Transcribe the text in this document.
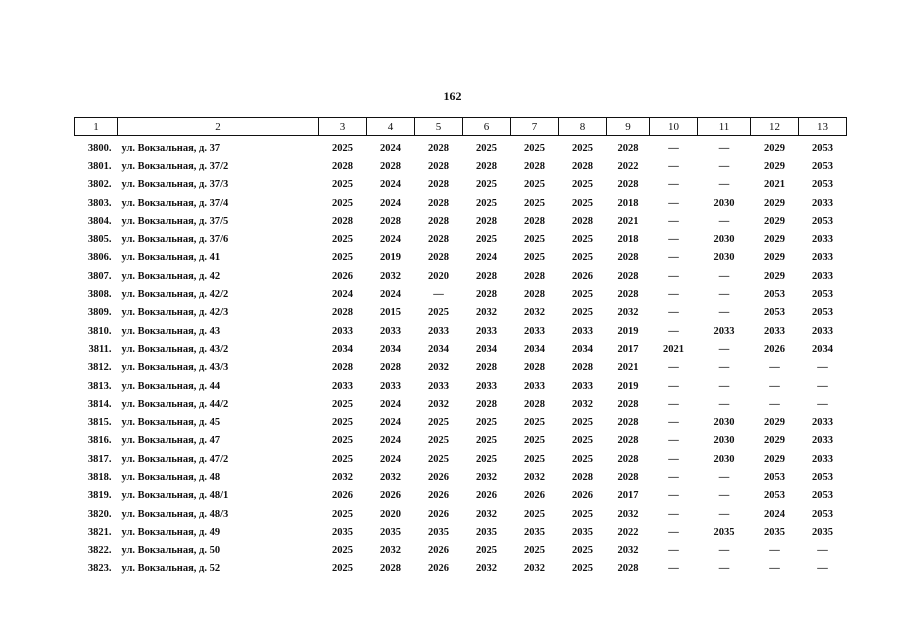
162
1	2	3	4	5	6	7	8	9	10	11	12	13
3800.	ул. Вокзальная, д. 37	2025	2024	2028	2025	2025	2025	2028	—	—	2029	2053
3801.	ул. Вокзальная, д. 37/2	2028	2028	2028	2028	2028	2028	2022	—	—	2029	2053
3802.	ул. Вокзальная, д. 37/3	2025	2024	2028	2025	2025	2025	2028	—	—	2021	2053
3803.	ул. Вокзальная, д. 37/4	2025	2024	2028	2025	2025	2025	2018	—	2030	2029	2033
3804.	ул. Вокзальная, д. 37/5	2028	2028	2028	2028	2028	2028	2021	—	—	2029	2053
3805.	ул. Вокзальная, д. 37/6	2025	2024	2028	2025	2025	2025	2018	—	2030	2029	2033
3806.	ул. Вокзальная, д. 41	2025	2019	2028	2024	2025	2025	2028	—	2030	2029	2033
3807.	ул. Вокзальная, д. 42	2026	2032	2020	2028	2028	2026	2028	—	—	2029	2033
3808.	ул. Вокзальная, д. 42/2	2024	2024	—	2028	2028	2025	2028	—	—	2053	2053
3809.	ул. Вокзальная, д. 42/3	2028	2015	2025	2032	2032	2025	2032	—	—	2053	2053
3810.	ул. Вокзальная, д. 43	2033	2033	2033	2033	2033	2033	2019	—	2033	2033	2033
3811.	ул. Вокзальная, д. 43/2	2034	2034	2034	2034	2034	2034	2017	2021	—	2026	2034
3812.	ул. Вокзальная, д. 43/3	2028	2028	2032	2028	2028	2028	2021	—	—	—	—
3813.	ул. Вокзальная, д. 44	2033	2033	2033	2033	2033	2033	2019	—	—	—	—
3814.	ул. Вокзальная, д. 44/2	2025	2024	2032	2028	2028	2032	2028	—	—	—	—
3815.	ул. Вокзальная, д. 45	2025	2024	2025	2025	2025	2025	2028	—	2030	2029	2033
3816.	ул. Вокзальная, д. 47	2025	2024	2025	2025	2025	2025	2028	—	2030	2029	2033
3817.	ул. Вокзальная, д. 47/2	2025	2024	2025	2025	2025	2025	2028	—	2030	2029	2033
3818.	ул. Вокзальная, д. 48	2032	2032	2026	2032	2032	2028	2028	—	—	2053	2053
3819.	ул. Вокзальная, д. 48/1	2026	2026	2026	2026	2026	2026	2017	—	—	2053	2053
3820.	ул. Вокзальная, д. 48/3	2025	2020	2026	2032	2025	2025	2032	—	—	2024	2053
3821.	ул. Вокзальная, д. 49	2035	2035	2035	2035	2035	2035	2022	—	2035	2035	2035
3822.	ул. Вокзальная, д. 50	2025	2032	2026	2025	2025	2025	2032	—	—	—	—
3823.	ул. Вокзальная, д. 52	2025	2028	2026	2032	2032	2025	2028	—	—	—	—
